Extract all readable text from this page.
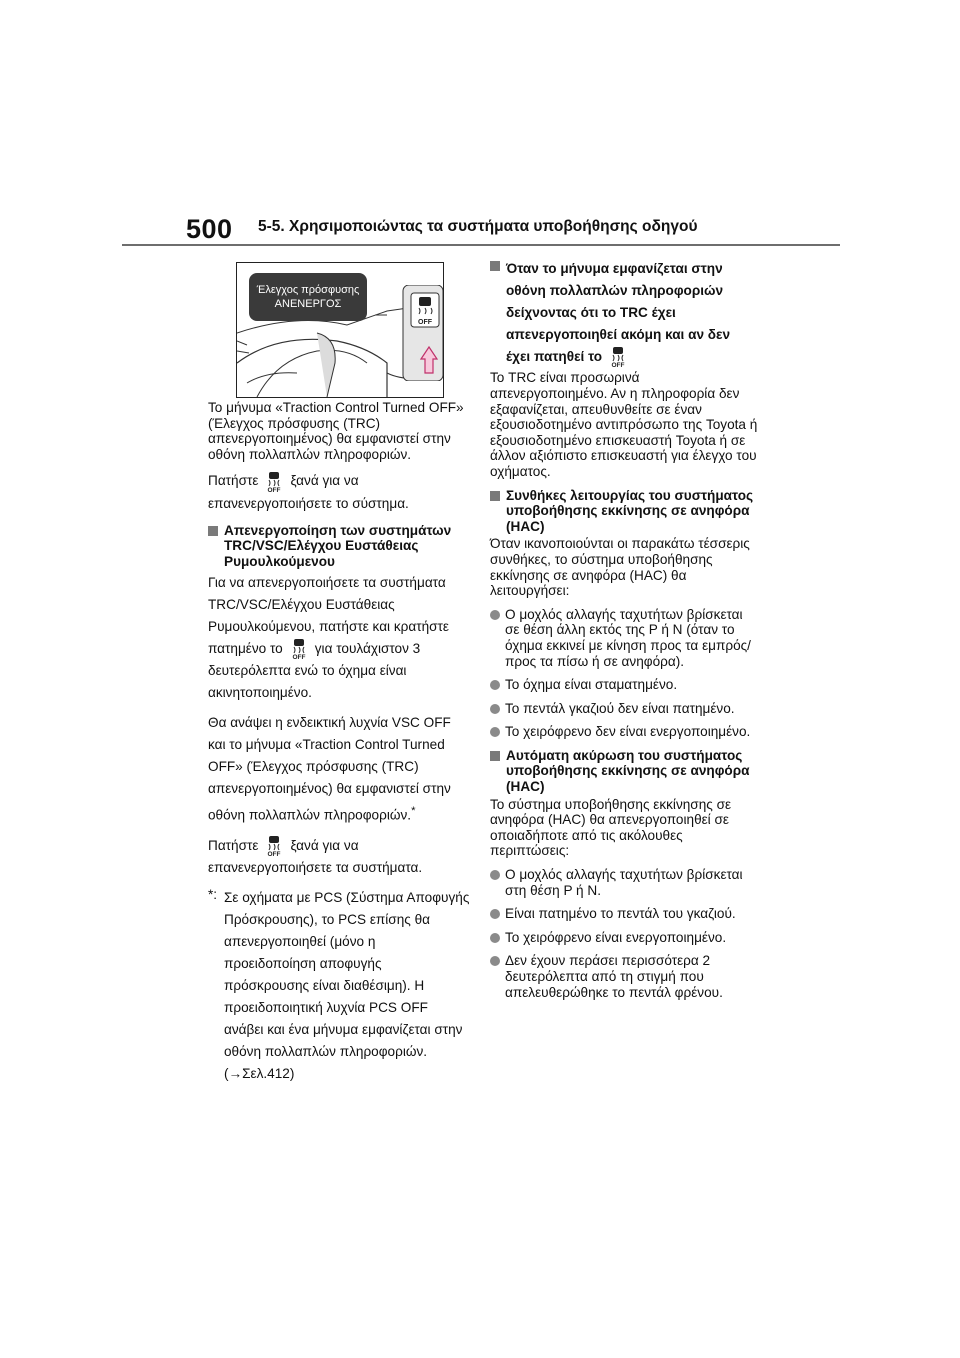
500 5-5. Χρησιμοποιώντας τα συστήματα υποβοήθησης οδηγού
Έλεγχος πρόσφυσης
ΑΝΕΝΕΡΓΟΣ
OFF

Το μήνυμα «Traction Control Turned OFF» (Έλεγχος πρόσφυσης (TRC) απενεργοποιημένος) θα εμφανιστεί στην οθόνη πολλαπλών πληροφοριών.

Πατήστε
OFF
ξανά για να επανενεργοποιήσετε το σύστημα.

Απενεργοποίηση των συστημάτων TRC/VSC/Ελέγχου Ευστάθειας Ρυμουλκούμενου

Για να απενεργοποιήσετε τα συστήματα TRC/VSC/Ελέγχου Ευστάθειας Ρυμουλκούμενου, πατήστε και κρατήστε πατημένο το
OFF
για τουλάχιστον 3 δευτερόλεπτα ενώ το όχημα είναι ακινητοποιημένο.

Θα ανάψει η ενδεικτική λυχνία VSC OFF και το μήνυμα «Traction Control Turned OFF» (Έλεγχος πρόσφυσης (TRC) απενεργοποιημένος) θα εμφανιστεί στην οθόνη πολλαπλών πληροφοριών.*

Πατήστε
OFF
ξανά για να επανενεργοποιήσετε τα συστήματα.

*: Σε οχήματα με PCS (Σύστημα Αποφυγής Πρόσκρουσης), το PCS επίσης θα απενεργοποιηθεί (μόνο η προειδοποίηση αποφυγής πρόσκρουσης είναι διαθέσιμη). Η προειδοποιητική λυχνία PCS OFF ανάβει και ένα μήνυμα εμφανίζεται στην οθόνη πολλαπλών πληροφοριών. (→Σελ.412)
Όταν το μήνυμα εμφανίζεται στην οθόνη πολλαπλών πληροφοριών δείχνοντας ότι το TRC έχει απενεργοποιηθεί ακόμη και αν δεν έχει πατηθεί το
OFF

Το TRC είναι προσωρινά απενεργοποιημένο. Αν η πληροφορία δεν εξαφανίζεται, απευθυνθείτε σε έναν εξουσιοδοτημένο αντιπρόσωπο της Toyota ή εξουσιοδοτημένο επισκευαστή Toyota ή σε άλλον αξιόπιστο επισκευαστή για έλεγχο του οχήματος.

Συνθήκες λειτουργίας του συστήματος υποβοήθησης εκκίνησης σε ανηφόρα (HAC)

Όταν ικανοποιούνται οι παρακάτω τέσσερις συνθήκες, το σύστημα υποβοήθησης εκκίνησης σε ανηφόρα (HAC) θα λειτουργήσει:

Ο μοχλός αλλαγής ταχυτήτων βρίσκεται σε θέση άλλη εκτός της P ή N (όταν το όχημα εκκινεί με κίνηση προς τα εμπρός/προς τα πίσω ή σε ανηφόρα).
Το όχημα είναι σταματημένο.
Το πεντάλ γκαζιού δεν είναι πατημένο.
Το χειρόφρενο δεν είναι ενεργοποιημένο.
Αυτόματη ακύρωση του συστήματος υποβοήθησης εκκίνησης σε ανηφόρα (HAC)

Το σύστημα υποβοήθησης εκκίνησης σε ανηφόρα (HAC) θα απενεργοποιηθεί σε οποιαδήποτε από τις ακόλουθες περιπτώσεις:

Ο μοχλός αλλαγής ταχυτήτων βρίσκεται στη θέση P ή N.
Είναι πατημένο το πεντάλ του γκαζιού.
Το χειρόφρενο είναι ενεργοποιημένο.
Δεν έχουν περάσει περισσότερα 2 δευτερόλεπτα από τη στιγμή που απελευθερώθηκε το πεντάλ φρένου.
